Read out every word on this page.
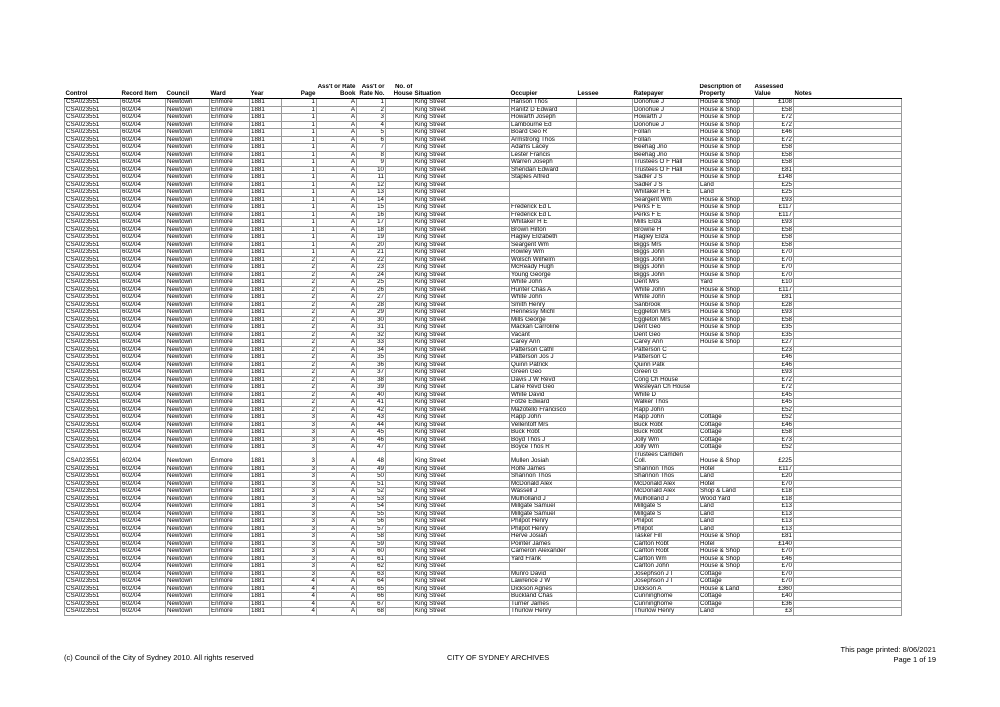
Control	Record Item	Council	Ward	Year	Page	Ass't or Rate Book	Ass't or Rate No.	No. of House	Situation	Occupier	Lessee	Ratepayer	Description of Property	Assessed Value	Notes
CSA023551	602/04	Newtown	Enmore	1881	1	A	1		King Street	Hanson Thos		Donohue J	House & Shop	£108	
CSA023551	602/04	Newtown	Enmore	1881	1	A	2		King Street	Ranitz D Edward		Donohue J	House & Shop	£58	
CSA023551	602/04	Newtown	Enmore	1881	1	A	3		King Street	Howarth Joseph		Howarth J	House & Shop	£72	
CSA023551	602/04	Newtown	Enmore	1881	1	A	4		King Street	Lambourne Ed		Donohue J	House & Shop	£72	
CSA023551	602/04	Newtown	Enmore	1881	1	A	5		King Street	Board Geo R		Follan	House & Shop	£46	
CSA023551	602/04	Newtown	Enmore	1881	1	A	6		King Street	Armstrong Thos		Follan	House & Shop	£72	
CSA023551	602/04	Newtown	Enmore	1881	1	A	7		King Street	Adams Lacey		Beehag Jno	House & Shop	£58	
CSA023551	602/04	Newtown	Enmore	1881	1	A	8		King Street	Lester Francis		Beehag Jno	House & Shop	£58	
CSA023551	602/04	Newtown	Enmore	1881	1	A	9		King Street	Warren Joseph		Trustees O F Hall	House & Shop	£58	
CSA023551	602/04	Newtown	Enmore	1881	1	A	10		King Street	Sheridan Edward		Trustees O F Hall	House & Shop	£81	
CSA023551	602/04	Newtown	Enmore	1881	1	A	11		King Street	Staples Alfred		Sadler J S	House & Shop	£148	
CSA023551	602/04	Newtown	Enmore	1881	1	A	12		King Street			Sadler J S	Land	£25	
CSA023551	602/04	Newtown	Enmore	1881	1	A	13		King Street			Whitaker H E	Land	£25	
CSA023551	602/04	Newtown	Enmore	1881	1	A	14		King Street			Seargent Wm	House & Shop	£93	
CSA023551	602/04	Newtown	Enmore	1881	1	A	15		King Street	Frederick Ed L		Perks F E	House & Shop	£117	
CSA023551	602/04	Newtown	Enmore	1881	1	A	16		King Street	Frederick Ed L		Perks F E	House & Shop	£117	
CSA023551	602/04	Newtown	Enmore	1881	1	A	17		King Street	Whitaker H E		Mills Eliza	House & Shop	£93	
CSA023551	602/04	Newtown	Enmore	1881	1	A	18		King Street	Brown Hilton		Browne H	House & Shop	£58	
CSA023551	602/04	Newtown	Enmore	1881	1	A	19		King Street	Hagley Elizabeth		Hagley Eliza	House & Shop	£58	
CSA023551	602/04	Newtown	Enmore	1881	1	A	20		King Street	Seargent Wm		Biggs Mrs	House & Shop	£58	
CSA023551	602/04	Newtown	Enmore	1881	1	A	21		King Street	Rowley Wm		Biggs John	House & Shop	£70	
CSA023551	602/04	Newtown	Enmore	1881	2	A	22		King Street	Wolsch Wilhelm		Biggs John	House & Shop	£70	
CSA023551	602/04	Newtown	Enmore	1881	2	A	23		King Street	McReady Hugh		Biggs John	House & Shop	£70	
CSA023551	602/04	Newtown	Enmore	1881	2	A	24		King Street	Young George		Biggs John	House & Shop	£70	
CSA023551	602/04	Newtown	Enmore	1881	2	A	25		King Street	White John		Dent Mrs	Yard	£10	
CSA023551	602/04	Newtown	Enmore	1881	2	A	26		King Street	Hunter Chas A		White John	House & Shop	£117	
CSA023551	602/04	Newtown	Enmore	1881	2	A	27		King Street	White John		White John	House & Shop	£81	
CSA023551	602/04	Newtown	Enmore	1881	2	A	28		King Street	Smith Henry		Sanbrook	House & Shop	£28	
CSA023551	602/04	Newtown	Enmore	1881	2	A	29		King Street	Hennessy Michl		Eggleton Mrs	House & Shop	£93	
CSA023551	602/04	Newtown	Enmore	1881	2	A	30		King Street	Mills George		Eggleton Mrs	House & Shop	£58	
CSA023551	602/04	Newtown	Enmore	1881	2	A	31		King Street	Mackan Carroline		Dent Geo	House & Shop	£35	
CSA023551	602/04	Newtown	Enmore	1881	2	A	32		King Street	Vacant		Dent Geo	House & Shop	£35	
CSA023551	602/04	Newtown	Enmore	1881	2	A	33		King Street	Carey Ann		Carey Ann	House & Shop	£27	
CSA023551	602/04	Newtown	Enmore	1881	2	A	34		King Street	Patterson Cathl		Patterson C		£23	
CSA023551	602/04	Newtown	Enmore	1881	2	A	35		King Street	Patterson Jos J		Patterson C		£46	
CSA023551	602/04	Newtown	Enmore	1881	2	A	36		King Street	Quinn Patrick		Quinn Patk		£46	
CSA023551	602/04	Newtown	Enmore	1881	2	A	37		King Street	Green Geo		Green G		£93	
CSA023551	602/04	Newtown	Enmore	1881	2	A	38		King Street	Davis J W Revd		Cong Ch House		£72	
CSA023551	602/04	Newtown	Enmore	1881	2	A	39		King Street	Lane Revd Geo		Wesleyan Ch House		£72	
CSA023551	602/04	Newtown	Enmore	1881	2	A	40		King Street	White David		White D		£45	
CSA023551	602/04	Newtown	Enmore	1881	2	A	41		King Street	Fotze Edward		Walker Thos		£45	
CSA023551	602/04	Newtown	Enmore	1881	2	A	42		King Street	Mazotello Francisco		Rapp John		£52	
CSA023551	602/04	Newtown	Enmore	1881	3	A	43		King Street	Rapp John		Rapp John	Cottage	£52	
CSA023551	602/04	Newtown	Enmore	1881	3	A	44		King Street	Vellentoff Mrs		Buck Robt	Cottage	£46	
CSA023551	602/04	Newtown	Enmore	1881	3	A	45		King Street	Buck Robt		Buck Robt	Cottage	£58	
CSA023551	602/04	Newtown	Enmore	1881	3	A	46		King Street	Boyd Thos J		Jolly Wm	Cottage	£73	
CSA023551	602/04	Newtown	Enmore	1881	3	A	47		King Street	Boyce Thos R		Jolly Wm	Cottage	£52	
CSA023551	602/04	Newtown	Enmore	1881	3	A	48		King Street	Mullen Josiah		Trustees Camden Coll.	House & Shop	£225	
CSA023551	602/04	Newtown	Enmore	1881	3	A	49		King Street	Rolfe James		Shannon Thos	Hotel	£117	
CSA023551	602/04	Newtown	Enmore	1881	3	A	50		King Street	Shannon Thos		Shannon Thos	Land	£20	
CSA023551	602/04	Newtown	Enmore	1881	3	A	51		King Street	McDonald Alex		McDonald Alex	Hotel	£70	
CSA023551	602/04	Newtown	Enmore	1881	3	A	52		King Street	Wassell J		McDonald Alex	Shop & Land	£18	
CSA023551	602/04	Newtown	Enmore	1881	3	A	53		King Street	Mulholland J		Mulholland J	Wood Yard	£18	
CSA023551	602/04	Newtown	Enmore	1881	3	A	54		King Street	Millgate Samuel		Millgate S	Land	£13	
CSA023551	602/04	Newtown	Enmore	1881	3	A	55		King Street	Millgate Samuel		Millgate S	Land	£13	
CSA023551	602/04	Newtown	Enmore	1881	3	A	56		King Street	Philpot Henry		Philpot	Land	£13	
CSA023551	602/04	Newtown	Enmore	1881	3	A	57		King Street	Philpot Henry		Philpot	Land	£13	
CSA023551	602/04	Newtown	Enmore	1881	3	A	58		King Street	Herve Josiah		Tasker Fill	House & Shop	£81	
CSA023551	602/04	Newtown	Enmore	1881	3	A	59		King Street	Pointer James		Carlton Robt	Hotel	£140	
CSA023551	602/04	Newtown	Enmore	1881	3	A	60		King Street	Cameron Alexander		Carlton Robt	House & Shop	£70	
CSA023551	602/04	Newtown	Enmore	1881	3	A	61		King Street	Yard Frank		Carlton Wm	House & Shop	£46	
CSA023551	602/04	Newtown	Enmore	1881	3	A	62		King Street			Carlton John	House & Shop	£70	
CSA023551	602/04	Newtown	Enmore	1881	3	A	63		King Street	Munro David		Josephson J I	Cottage	£70	
CSA023551	602/04	Newtown	Enmore	1881	4	A	64		King Street	Lawrence J W		Josephson J I	Cottage	£70	
CSA023551	602/04	Newtown	Enmore	1881	4	A	65		King Street	Dickson Agnes		Dickson A	House & Land	£360	
CSA023551	602/04	Newtown	Enmore	1881	4	A	66		King Street	Buckland Chas		Cunninghome	Cottage	£40	
CSA023551	602/04	Newtown	Enmore	1881	4	A	67		King Street	Turner James		Cunninghome	Cottage	£36	
CSA023551	602/04	Newtown	Enmore	1881	4	A	68		King Street	Thurlow Henry		Thurlow Henry	Land	£3	
(c) Council of the City of Sydney 2010. All rights reserved	CITY OF SYDNEY ARCHIVES
This page printed: 8/06/2021
Page 1 of 19
